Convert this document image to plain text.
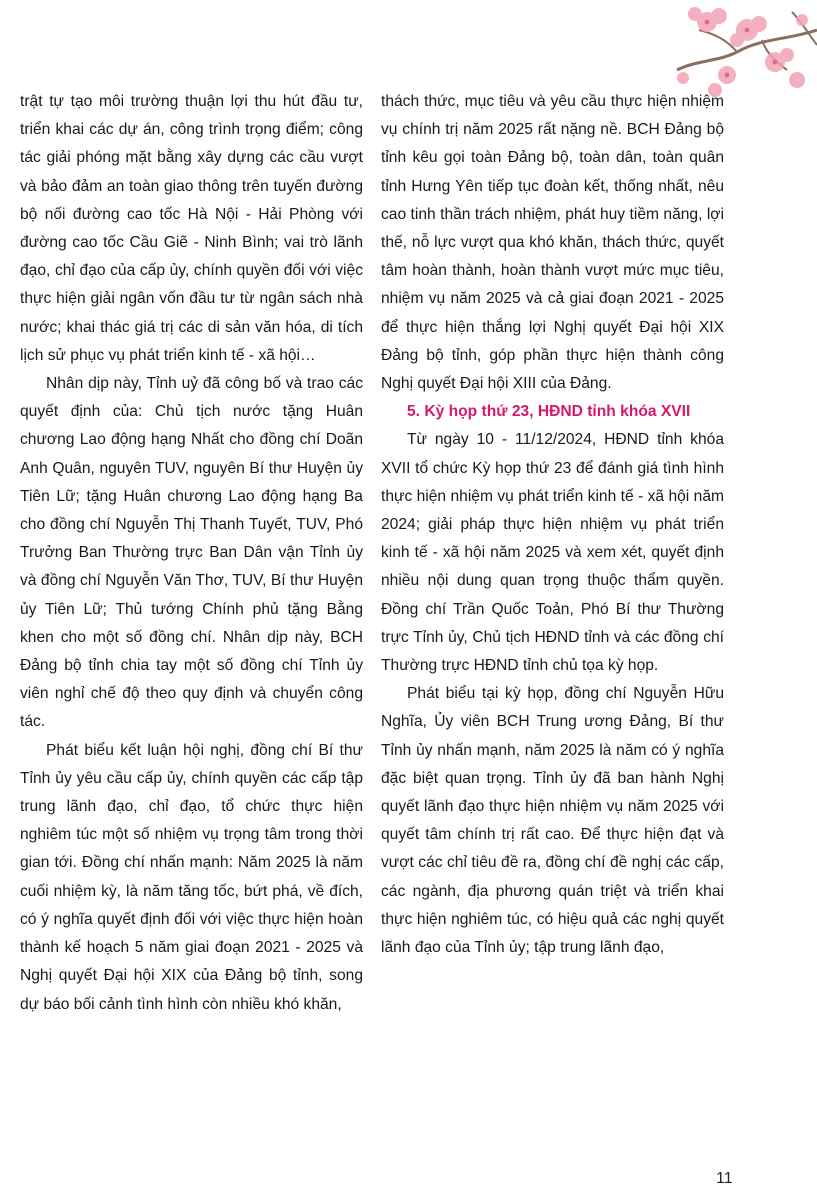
trật tự tạo môi trường thuận lợi thu hút đầu tư, triển khai các dự án, công trình trọng điểm; công tác giải phóng mặt bằng xây dựng các cầu vượt và bảo đảm an toàn giao thông trên tuyến đường bộ nối đường cao tốc Hà Nội - Hải Phòng với đường cao tốc Cầu Giẽ - Ninh Bình; vai trò lãnh đạo, chỉ đạo của cấp ủy, chính quyền đối với việc thực hiện giải ngân vốn đầu tư từ ngân sách nhà nước; khai thác giá trị các di sản văn hóa, di tích lịch sử phục vụ phát triển kinh tế - xã hội…

Nhân dịp này, Tỉnh uỷ đã công bố và trao các quyết định của: Chủ tịch nước tặng Huân chương Lao động hạng Nhất cho đồng chí Doãn Anh Quân, nguyên TUV, nguyên Bí thư Huyện ủy Tiên Lữ; tặng Huân chương Lao động hạng Ba cho đồng chí Nguyễn Thị Thanh Tuyết, TUV, Phó Trưởng Ban Thường trực Ban Dân vận Tỉnh ủy và đồng chí Nguyễn Văn Thơ, TUV, Bí thư Huyện ủy Tiên Lữ; Thủ tướng Chính phủ tặng Bằng khen cho một số đồng chí. Nhân dịp này, BCH Đảng bộ tỉnh chia tay một số đồng chí Tỉnh ủy viên nghỉ chế độ theo quy định và chuyển công tác.

Phát biểu kết luận hội nghị, đồng chí Bí thư Tỉnh ủy yêu cầu cấp ủy, chính quyền các cấp tập trung lãnh đạo, chỉ đạo, tổ chức thực hiện nghiêm túc một số nhiệm vụ trọng tâm trong thời gian tới. Đồng chí nhấn mạnh: Năm 2025 là năm cuối nhiệm kỳ, là năm tăng tốc, bứt phá, về đích, có ý nghĩa quyết định đối với việc thực hiện hoàn thành kế hoạch 5 năm giai đoạn 2021 - 2025 và Nghị quyết Đại hội XIX của Đảng bộ tỉnh, song dự báo bối cảnh tình hình còn nhiều khó khăn,

thách thức, mục tiêu và yêu cầu thực hiện nhiệm vụ chính trị năm 2025 rất nặng nề. BCH Đảng bộ tỉnh kêu gọi toàn Đảng bộ, toàn dân, toàn quân tỉnh Hưng Yên tiếp tục đoàn kết, thống nhất, nêu cao tinh thần trách nhiệm, phát huy tiềm năng, lợi thế, nỗ lực vượt qua khó khăn, thách thức, quyết tâm hoàn thành, hoàn thành vượt mức mục tiêu, nhiệm vụ năm 2025 và cả giai đoạn 2021 - 2025 để thực hiện thắng lợi Nghị quyết Đại hội XIX Đảng bộ tỉnh, góp phần thực hiện thành công Nghị quyết Đại hội XIII của Đảng.

5. Kỳ họp thứ 23, HĐND tỉnh khóa XVII

Từ ngày 10 - 11/12/2024, HĐND tỉnh khóa XVII tổ chức Kỳ họp thứ 23 để đánh giá tình hình thực hiện nhiệm vụ phát triển kinh tế - xã hội năm 2024; giải pháp thực hiện nhiệm vụ phát triển kinh tế - xã hội năm 2025 và xem xét, quyết định nhiều nội dung quan trọng thuộc thẩm quyền. Đồng chí Trần Quốc Toản, Phó Bí thư Thường trực Tỉnh ủy, Chủ tịch HĐND tỉnh và các đồng chí Thường trực HĐND tỉnh chủ tọa kỳ họp.

Phát biểu tại kỳ họp, đồng chí Nguyễn Hữu Nghĩa, Ủy viên BCH Trung ương Đảng, Bí thư Tỉnh ủy nhấn mạnh, năm 2025 là năm có ý nghĩa đặc biệt quan trọng. Tỉnh ủy đã ban hành Nghị quyết lãnh đạo thực hiện nhiệm vụ năm 2025 với quyết tâm chính trị rất cao. Để thực hiện đạt và vượt các chỉ tiêu đề ra, đồng chí đề nghị các cấp, các ngành, địa phương quán triệt và triển khai thực hiện nghiêm túc, có hiệu quả các nghị quyết lãnh đạo của Tỉnh ủy; tập trung lãnh đạo,

11
